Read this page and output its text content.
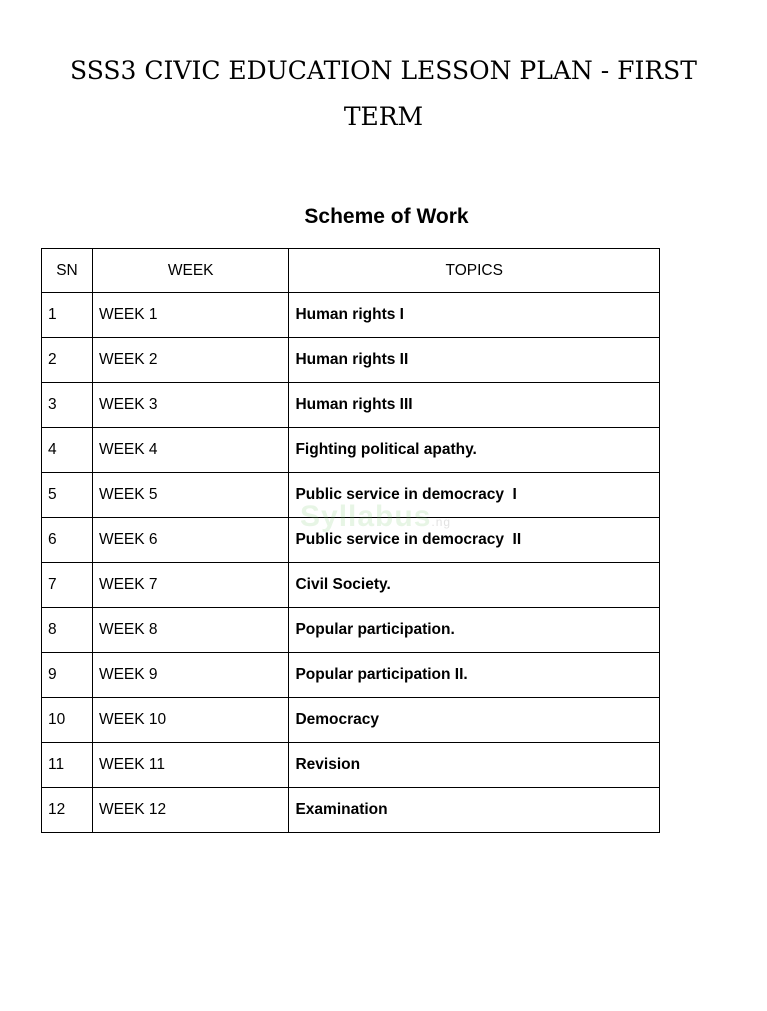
SSS3 CIVIC EDUCATION LESSON PLAN - FIRST
TERM
Scheme of Work
SN	WEEK	TOPICS
1	WEEK 1	Human rights I
2	WEEK 2	Human rights II
3	WEEK 3	Human rights III
4	WEEK 4	Fighting political apathy.
5	WEEK 5	Public service in democracy  I
6	WEEK 6	Public service in democracy  II
7	WEEK 7	Civil Society.
8	WEEK 8	Popular participation.
9	WEEK 9	Popular participation II.
10	WEEK 10	Democracy
11	WEEK 11	Revision
12	WEEK 12	Examination
Syllabus.ng
